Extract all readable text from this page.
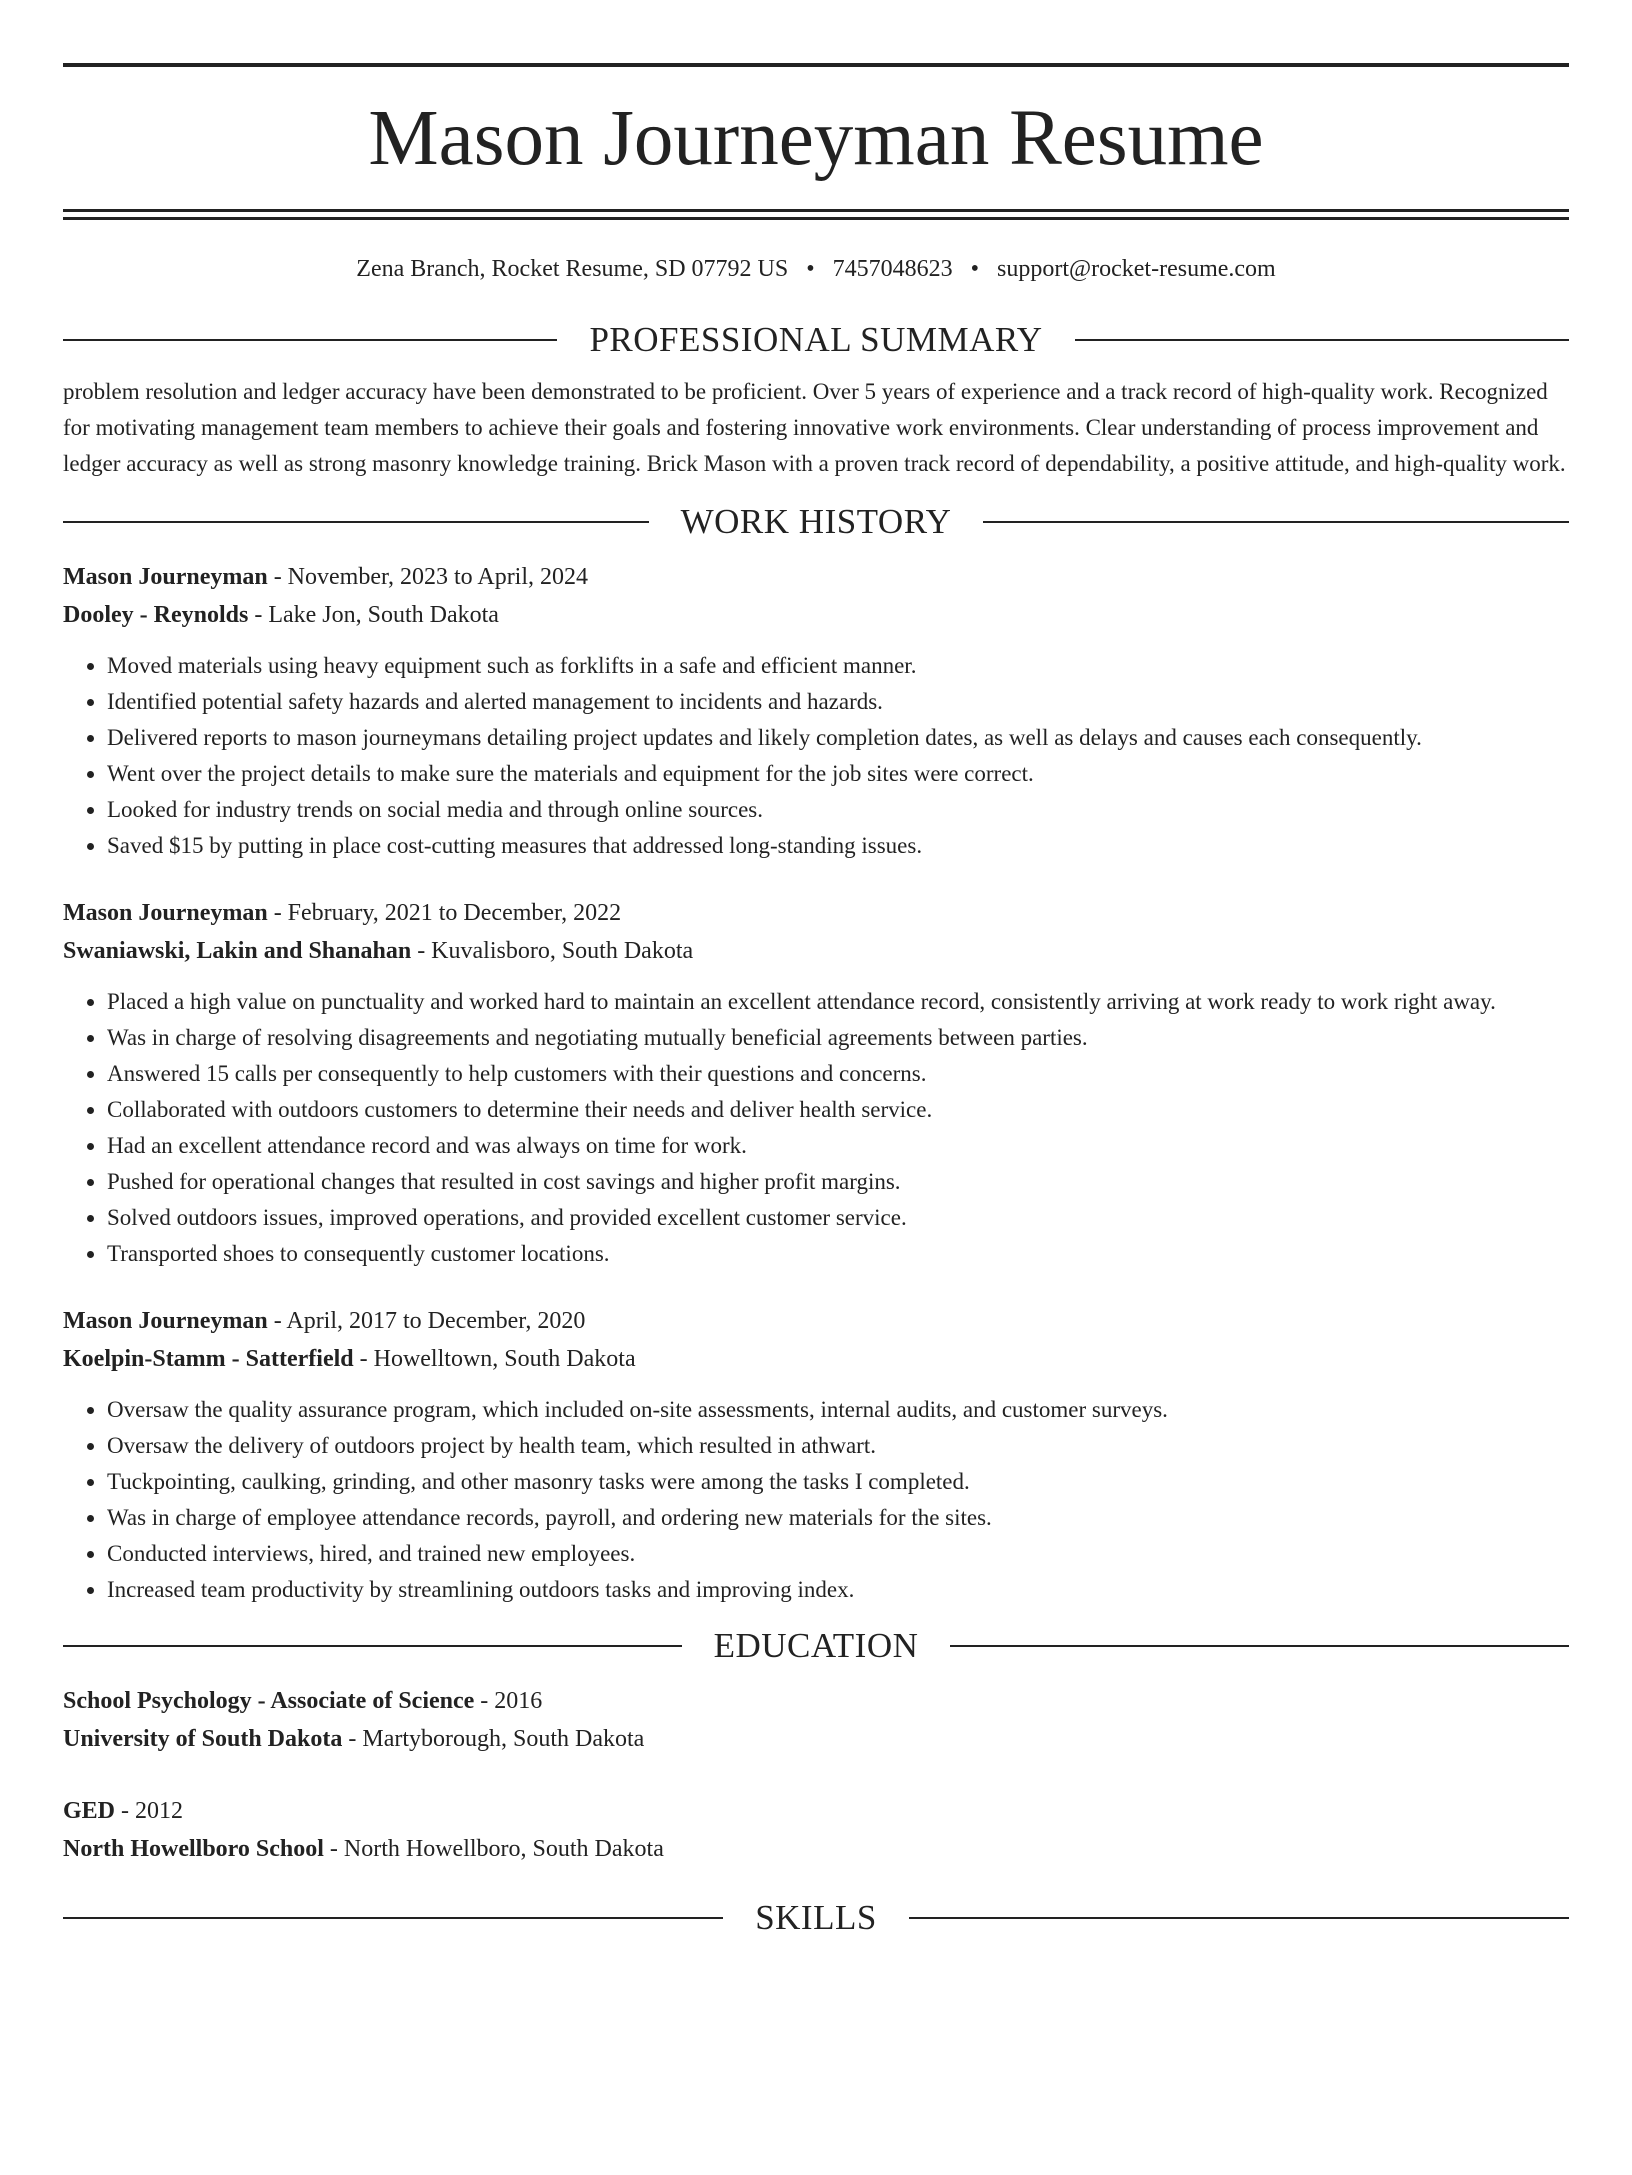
Mason Journeyman Resume
Zena Branch, Rocket Resume, SD 07792 US • 7457048623 • support@rocket-resume.com
PROFESSIONAL SUMMARY

problem resolution and ledger accuracy have been demonstrated to be proficient. Over 5 years of experience and a track record of high-quality work. Recognized for motivating management team members to achieve their goals and fostering innovative work environments. Clear understanding of process improvement and ledger accuracy as well as strong masonry knowledge training. Brick Mason with a proven track record of dependability, a positive attitude, and high-quality work.

WORK HISTORY
Mason Journeyman - November, 2023 to April, 2024
Dooley - Reynolds - Lake Jon, South Dakota
• Moved materials using heavy equipment such as forklifts in a safe and efficient manner.
• Identified potential safety hazards and alerted management to incidents and hazards.
• Delivered reports to mason journeymans detailing project updates and likely completion dates, as well as delays and causes each consequently.
• Went over the project details to make sure the materials and equipment for the job sites were correct.
• Looked for industry trends on social media and through online sources.
• Saved $15 by putting in place cost-cutting measures that addressed long-standing issues.
Mason Journeyman - February, 2021 to December, 2022
Swaniawski, Lakin and Shanahan - Kuvalisboro, South Dakota
• Placed a high value on punctuality and worked hard to maintain an excellent attendance record, consistently arriving at work ready to work right away.
• Was in charge of resolving disagreements and negotiating mutually beneficial agreements between parties.
• Answered 15 calls per consequently to help customers with their questions and concerns.
• Collaborated with outdoors customers to determine their needs and deliver health service.
• Had an excellent attendance record and was always on time for work.
• Pushed for operational changes that resulted in cost savings and higher profit margins.
• Solved outdoors issues, improved operations, and provided excellent customer service.
• Transported shoes to consequently customer locations.
Mason Journeyman - April, 2017 to December, 2020
Koelpin-Stamm - Satterfield - Howelltown, South Dakota
• Oversaw the quality assurance program, which included on-site assessments, internal audits, and customer surveys.
• Oversaw the delivery of outdoors project by health team, which resulted in athwart.
• Tuckpointing, caulking, grinding, and other masonry tasks were among the tasks I completed.
• Was in charge of employee attendance records, payroll, and ordering new materials for the sites.
• Conducted interviews, hired, and trained new employees.
• Increased team productivity by streamlining outdoors tasks and improving index.
EDUCATION
School Psychology - Associate of Science - 2016
University of South Dakota - Martyborough, South Dakota
GED - 2012
North Howellboro School - North Howellboro, South Dakota
SKILLS
